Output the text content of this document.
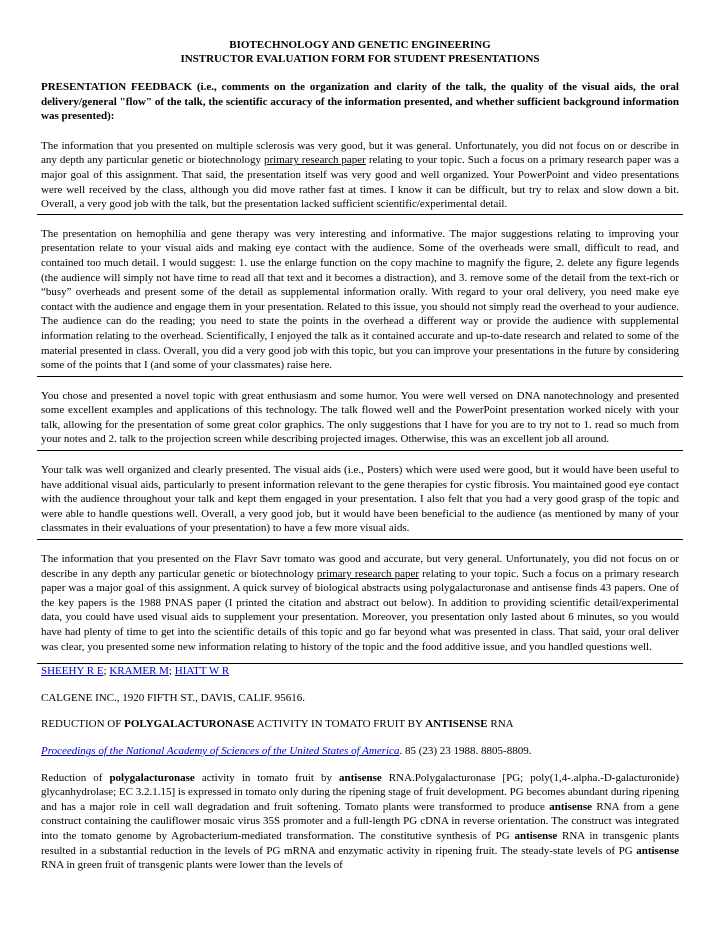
BIOTECHNOLOGY AND GENETIC ENGINEERING

INSTRUCTOR EVALUATION FORM FOR STUDENT PRESENTATIONS

PRESENTATION FEEDBACK (i.e., comments on the organization and clarity of the talk, the quality of the visual aids, the oral delivery/general "flow" of the talk, the scientific accuracy of the information presented, and whether sufficient background information was presented):

The information that you presented on multiple sclerosis was very good, but it was general. Unfortunately, you did not focus on or describe in any depth any particular genetic or biotechnology primary research paper relating to your topic. Such a focus on a primary research paper was a major goal of this assignment. That said, the presentation itself was very good and well organized. Your PowerPoint and video presentations were well received by the class, although you did move rather fast at times. I know it can be difficult, but try to relax and slow down a bit. Overall, a very good job with the talk, but the presentation lacked sufficient scientific/experimental detail.

The presentation on hemophilia and gene therapy was very interesting and informative. The major suggestions relating to improving your presentation relate to your visual aids and making eye contact with the audience. Some of the overheads were small, difficult to read, and contained too much detail. I would suggest: 1. use the enlarge function on the copy machine to magnify the figure, 2. delete any figure legends (the audience will simply not have time to read all that text and it becomes a distraction), and 3. remove some of the detail from the text-rich or “busy” overheads and present some of the detail as supplemental information orally. With regard to your oral delivery, you need make eye contact with the audience and engage them in your presentation. Related to this issue, you should not simply read the overhead to your audience. The audience can do the reading; you need to state the points in the overhead a different way or provide the audience with supplemental information relating to the overhead. Scientifically, I enjoyed the talk as it contained accurate and up-to-date research and related to some of the material presented in class. Overall, you did a very good job with this topic, but you can improve your presentations in the future by considering some of the points that I (and some of your classmates) raise here.

You chose and presented a novel topic with great enthusiasm and some humor. You were well versed on DNA nanotechnology and presented some excellent examples and applications of this technology. The talk flowed well and the PowerPoint presentation worked nicely with your talk, allowing for the presentation of some great color graphics. The only suggestions that I have for you are to try not to 1. read so much from your notes and 2. talk to the projection screen while describing projected images. Otherwise, this was an excellent job all around.

Your talk was well organized and clearly presented. The visual aids (i.e., Posters) which were used were good, but it would have been useful to have additional visual aids, particularly to present information relevant to the gene therapies for cystic fibrosis. You maintained good eye contact with the audience throughout your talk and kept them engaged in your presentation. I also felt that you had a very good grasp of the topic and were able to handle questions well. Overall, a very good job, but it would have been beneficial to the audience (as mentioned by many of your classmates in their evaluations of your presentation) to have a few more visual aids.

The information that you presented on the Flavr Savr tomato was good and accurate, but very general. Unfortunately, you did not focus on or describe in any depth any particular genetic or biotechnology primary research paper relating to your topic. Such a focus on a primary research paper was a major goal of this assignment. A quick survey of biological abstracts using polygalacturonase and antisense finds 43 papers. One of the key papers is the 1988 PNAS paper (I printed the citation and abstract out below). In addition to providing scientific detail/experimental data, you could have used visual aids to supplement your presentation. Moreover, you presentation only lasted about 6 minutes, so you would have had plenty of time to get into the scientific details of this topic and go far beyond what was presented in class. That said, your oral deliver was clear, you presented some new information relating to history of the topic and the food additive issue, and you handled questions well.

SHEEHY R E; KRAMER M; HIATT W R

CALGENE INC., 1920 FIFTH ST., DAVIS, CALIF. 95616.

REDUCTION OF POLYGALACTURONASE ACTIVITY IN TOMATO FRUIT BY ANTISENSE RNA

Proceedings of the National Academy of Sciences of the United States of America. 85 (23) 23 1988. 8805-8809.

Reduction of polygalacturonase activity in tomato fruit by antisense RNA.Polygalacturonase [PG; poly(1,4-.alpha.-D-galacturonide) glycanhydrolase; EC 3.2.1.15] is expressed in tomato only during the ripening stage of fruit development. PG becomes abundant during ripening and has a major role in cell wall degradation and fruit softening. Tomato plants were transformed to produce antisense RNA from a gene construct containing the cauliflower mosaic virus 35S promoter and a full-length PG cDNA in reverse orientation. The construct was integrated into the tomato genome by Agrobacterium-mediated transformation. The constitutive synthesis of PG antisense RNA in transgenic plants resulted in a substantial reduction in the levels of PG mRNA and enzymatic activity in ripening fruit. The steady-state levels of PG antisense RNA in green fruit of transgenic plants were lower than the levels of
